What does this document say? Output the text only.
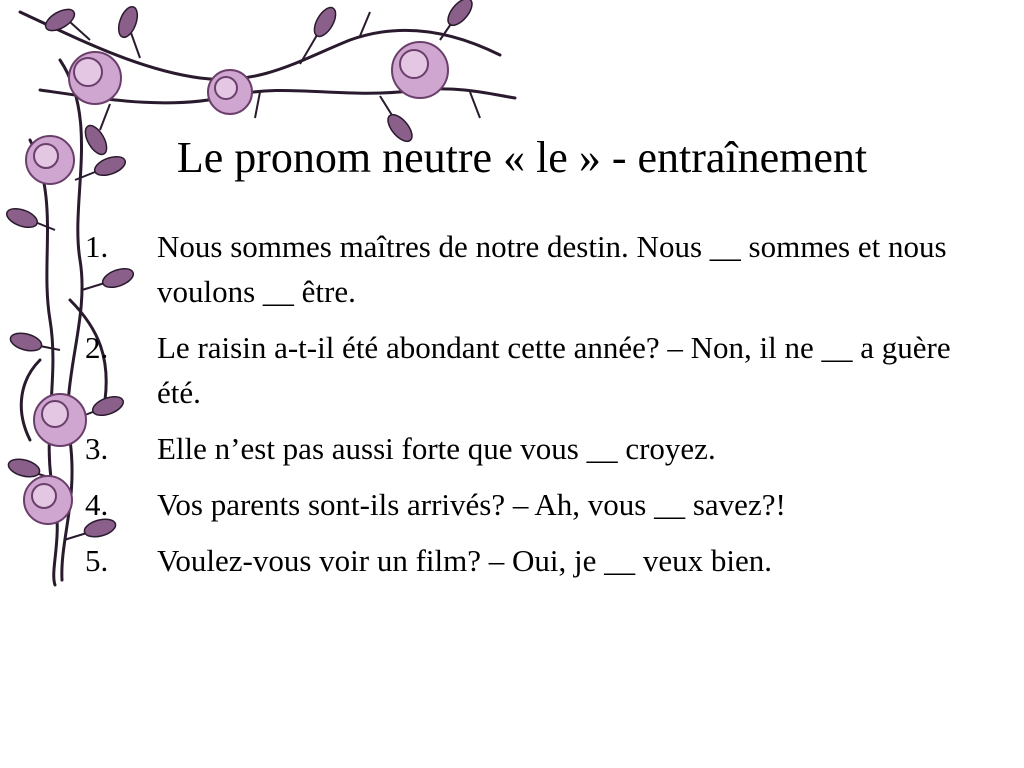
Le pronom neutre « le » - entraînement
1.	Nous sommes maîtres de notre destin. Nous __ sommes et nous voulons __ être.
2.	Le raisin a-t-il été abondant cette année? – Non, il ne __ a guère été.
3.	Elle n’est pas aussi forte que vous __ croyez.
4.	Vos parents sont-ils arrivés? – Ah, vous __ savez?!
5.	Voulez-vous voir un film? – Oui, je __ veux bien.
